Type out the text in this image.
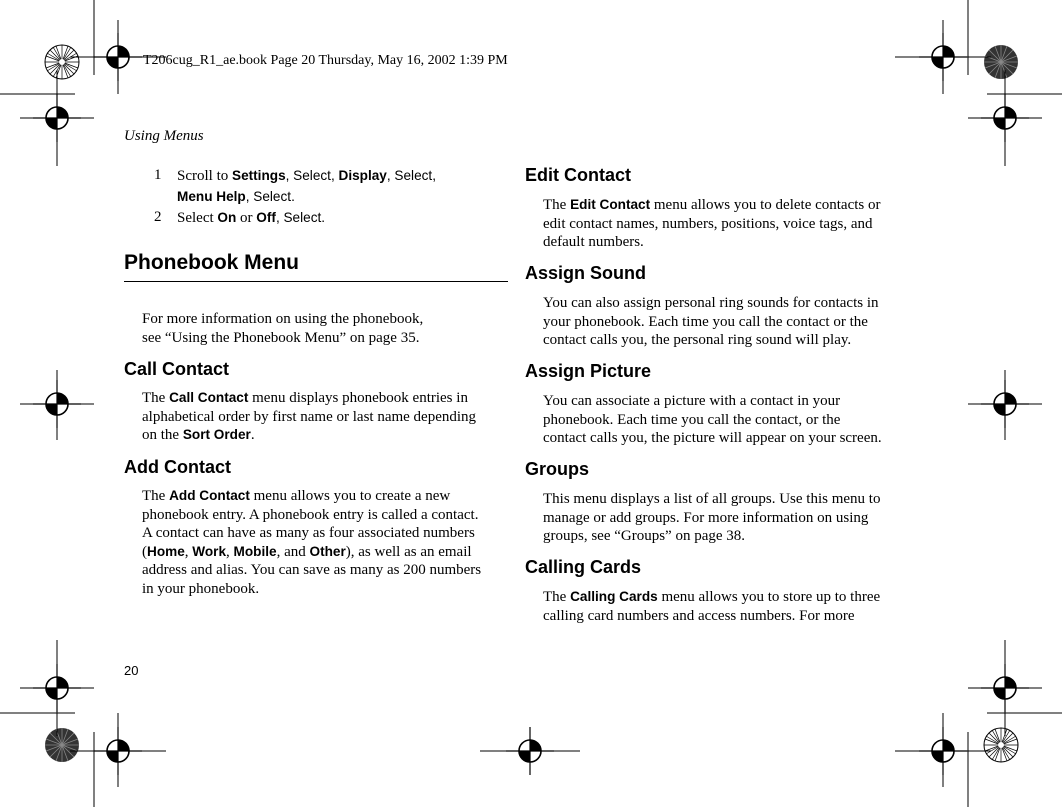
T206cug_R1_ae.book Page 20 Thursday, May 16, 2002 1:39 PM
Using Menus
1 Scroll to Settings, Select, Display, Select,
Menu Help, Select.
2 Select On or Off, Select.
Phonebook Menu
For more information on using the phonebook,
see “Using the Phonebook Menu” on page 35.
Call Contact
The Call Contact menu displays phonebook entries in
alphabetical order by first name or last name depending
on the Sort Order.
Add Contact
The Add Contact menu allows you to create a new
phonebook entry. A phonebook entry is called a contact.
A contact can have as many as four associated numbers
(Home, Work, Mobile, and Other), as well as an email
address and alias. You can save as many as 200 numbers
in your phonebook.
Edit Contact
The Edit Contact menu allows you to delete contacts or
edit contact names, numbers, positions, voice tags, and
default numbers.
Assign Sound
You can also assign personal ring sounds for contacts in
your phonebook. Each time you call the contact or the
contact calls you, the personal ring sound will play.
Assign Picture
You can associate a picture with a contact in your
phonebook. Each time you call the contact, or the
contact calls you, the picture will appear on your screen.
Groups
This menu displays a list of all groups. Use this menu to
manage or add groups. For more information on using
groups, see “Groups” on page 38.
Calling Cards
The Calling Cards menu allows you to store up to three
calling card numbers and access numbers. For more
20
